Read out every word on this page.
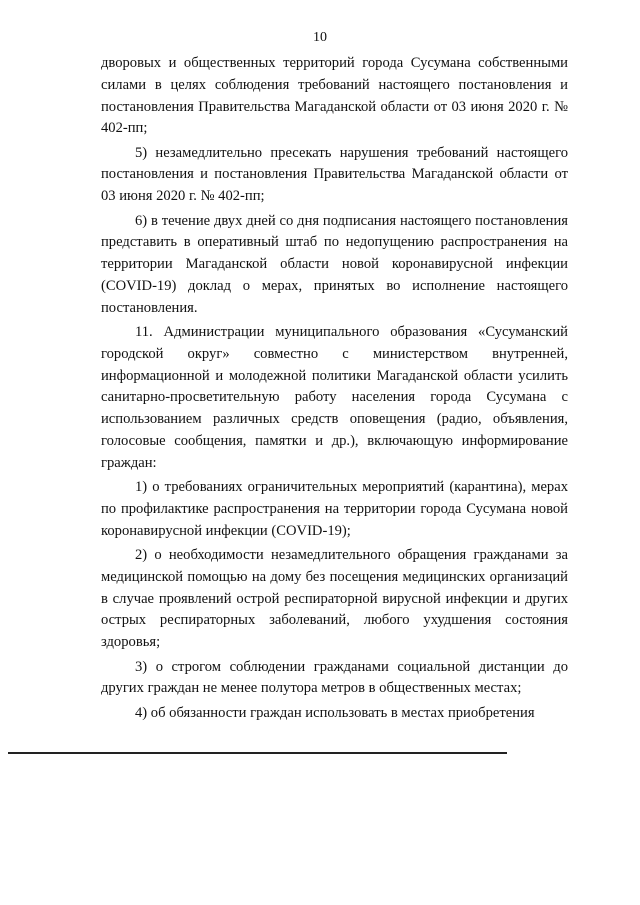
10

дворовых и общественных территорий города Сусумана собственными силами в целях соблюдения требований настоящего постановления и постановления Правительства Магаданской области от 03 июня 2020 г. № 402-пп;

5) незамедлительно пресекать нарушения требований настоящего постановления и постановления Правительства Магаданской области от 03 июня 2020 г. № 402-пп;

6) в течение двух дней со дня подписания настоящего постановления представить в оперативный штаб по недопущению распространения на территории Магаданской области новой коронавирусной инфекции (COVID-19) доклад о мерах, принятых во исполнение настоящего постановления.

11. Администрации муниципального образования «Сусуманский городской округ» совместно с министерством внутренней, информационной и молодежной политики Магаданской области усилить санитарно-просветительную работу населения города Сусумана с использованием различных средств оповещения (радио, объявления, голосовые сообщения, памятки и др.), включающую информирование граждан:

1) о требованиях ограничительных мероприятий (карантина), мерах по профилактике распространения на территории города Сусумана новой коронавирусной инфекции (COVID-19);

2) о необходимости незамедлительного обращения гражданами за медицинской помощью на дому без посещения медицинских организаций в случае проявлений острой респираторной вирусной инфекции и других острых респираторных заболеваний, любого ухудшения состояния здоровья;

3) о строгом соблюдении гражданами социальной дистанции до других граждан не менее полутора метров в общественных местах;

4) об обязанности граждан использовать в местах приобретения
